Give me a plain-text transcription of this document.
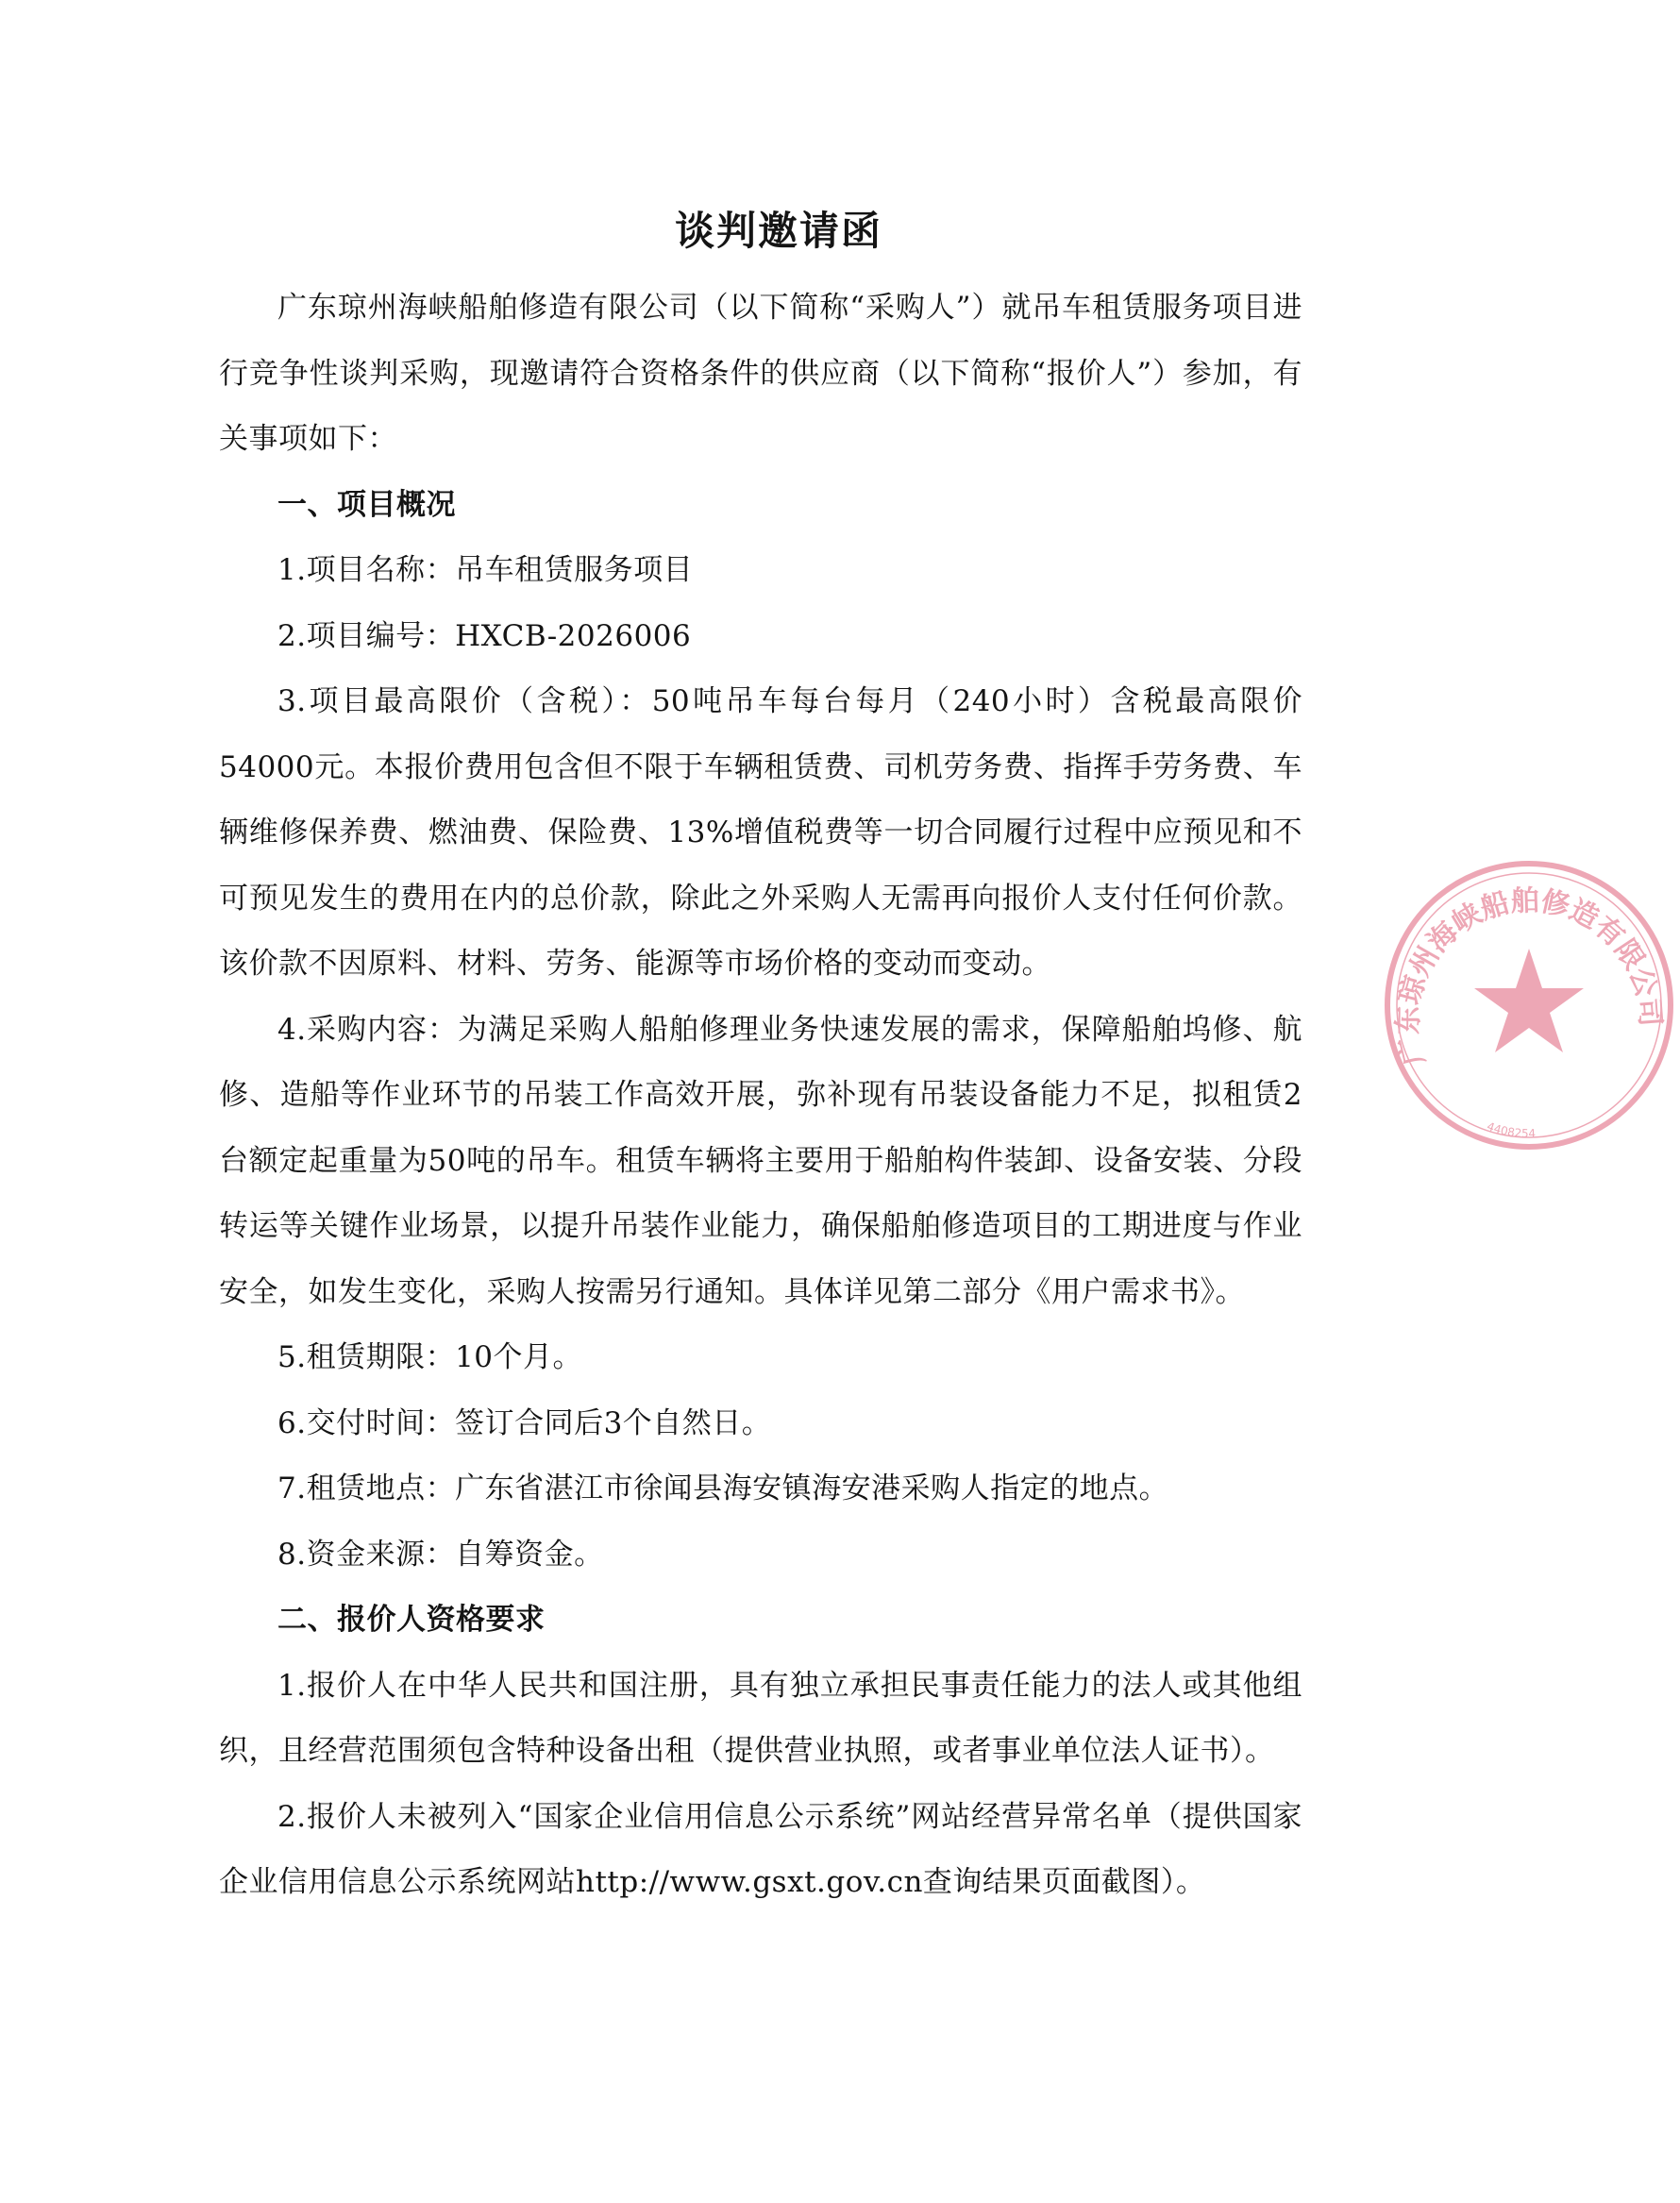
谈判邀请函

广东琼州海峡船舶修造有限公司（以下简称“采购人”）就吊车租赁服务项目进行竞争性谈判采购，现邀请符合资格条件的供应商（以下简称“报价人”）参加，有关事项如下：

一、项目概况

1.项目名称：吊车租赁服务项目

2.项目编号：HXCB-2026006

3.项目最高限价（含税）：50吨吊车每台每月（240小时）含税最高限价54000元。本报价费用包含但不限于车辆租赁费、司机劳务费、指挥手劳务费、车辆维修保养费、燃油费、保险费、13%增值税费等一切合同履行过程中应预见和不可预见发生的费用在内的总价款，除此之外采购人无需再向报价人支付任何价款。该价款不因原料、材料、劳务、能源等市场价格的变动而变动。

4.采购内容：为满足采购人船舶修理业务快速发展的需求，保障船舶坞修、航修、造船等作业环节的吊装工作高效开展，弥补现有吊装设备能力不足，拟租赁2台额定起重量为50吨的吊车。租赁车辆将主要用于船舶构件装卸、设备安装、分段转运等关键作业场景，以提升吊装作业能力，确保船舶修造项目的工期进度与作业安全，如发生变化，采购人按需另行通知。具体详见第二部分《用户需求书》。

5.租赁期限：10个月。

6.交付时间：签订合同后3个自然日。

7.租赁地点：广东省湛江市徐闻县海安镇海安港采购人指定的地点。

8.资金来源：自筹资金。

二、报价人资格要求

1.报价人在中华人民共和国注册，具有独立承担民事责任能力的法人或其他组织，且经营范围须包含特种设备出租（提供营业执照，或者事业单位法人证书）。

2.报价人未被列入“国家企业信用信息公示系统”网站经营异常名单（提供国家企业信用信息公示系统网站http://www.gsxt.gov.cn查询结果页面截图）。

广东琼州海峡船舶修造有限公司
4408254
